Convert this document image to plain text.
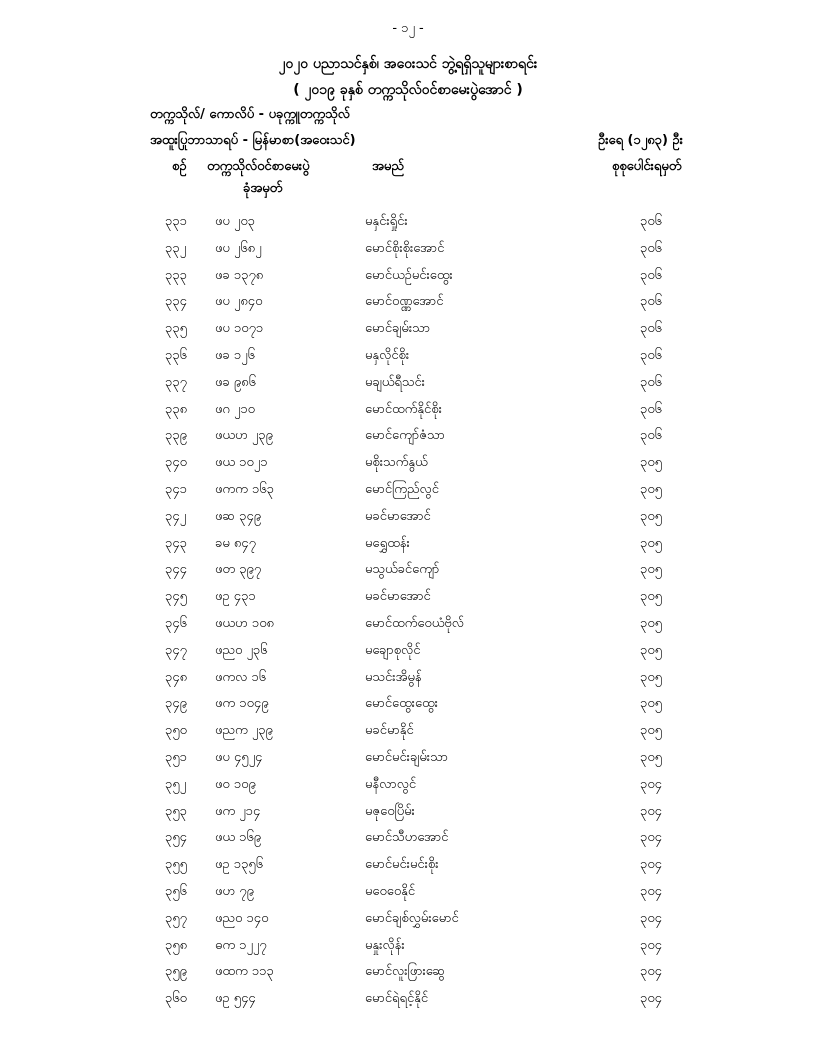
- ၁၂ -
၂၀၂၀ ပညာသင်နှစ်၊ အဝေးသင် ဘွဲ့ရရှိသူများစာရင်း
( ၂၀၁၉ ခုနှစ် တက္ကသိုလ်ဝင်စာမေးပွဲအောင် )
တက္ကသိုလ်/ ကောလိပ် - ပခုက္ကူတက္ကသိုလ်
အထူးပြုဘာသာရပ် - မြန်မာစာ(အဝေးသင်)	ဦးရေ (၁၂၈၃) ဦး
စဉ် တက္ကသိုလ်ဝင်စာမေးပွဲ
ခုံအမှတ်
အမည်	စုစုပေါင်းရမှတ်
၃၃၁ ဖပ ၂၀၃	မနှင်းရှိုင်း	၃၀၆
၃၃၂ ဖပ ၂၆၈၂	မောင်စိုးစိုးအောင်	၃၀၆
၃၃၃ ဖခ ၁၃၇၈	မောင်ယဉ်မင်းထွေး	၃၀၆
၃၃၄ ဖပ ၂၈၄၀	မောင်ဝဏ္ဏအောင်	၃၀၆
၃၃၅ ဖပ ၁၀၇၁	မောင်ချမ်းသာ	၃၀၆
၃၃၆ ဖခ ၁၂၆	မနှလိုင်စိုး	၃၀၆
၃၃၇ ဖခ ၉၈၆	မချယ်ရီသင်း	၃၀၆
၃၃၈ ဖဂ ၂၁၀	မောင်ထက်နိုင်စိုး	၃၀၆
၃၃၉ ဖယဟ ၂၃၉	မောင်ကျော်ဇံသာ	၃၀၆
၃၄၀ ဖယ ၁၀၂၁	မစိုးသက်နွယ်	၃၀၅
၃၄၁ ဖကက ၁၆၃	မောင်ကြည်လွင်	၃၀၅
၃၄၂ ဖဆ ၃၄၉	မခင်မာအောင်	၃၀၅
၃၄၃ ခမ ၈၄၇	မရွှေထန်း	၃၀၅
၃၄၄ ဖတ ၃၉၇	မသွယ်ခင်ကျော်	၃၀၅
၃၄၅ ဖဥ ၄၃၁	မခင်မာအောင်	၃၀၅
၃၄၆ ဖယဟ ၁၀၈	မောင်ထက်ဝေယံဗိုလ်	၃၀၅
၃၄၇ ဖည၀ ၂၃၆	မချောစုလိုင်	၃၀၅
၃၄၈ ဖကလ ၁၆	မသင်းအိမွန်	၃၀၅
၃၄၉ ဖက ၁၀၄၉	မောင်ထွေးထွေး	၃၀၅
၃၅၀ ဖညက ၂၃၉	မခင်မာနိုင်	၃၀၅
၃၅၁ ဖပ ၄၅၂၄	မောင်မင်းချမ်းသာ	၃၀၅
၃၅၂ ဖ၀ ၁၀၉	မနီလာလွင်	၃၀၄
၃၅၃ ဖက ၂၁၄	မဇုဝေပြိမ်း	၃၀၄
၃၅၄ ဖယ ၁၆၉	မောင်သီဟအောင်	၃၀၄
၃၅၅ ဖဥ ၁၃၅၆	မောင်မင်းမင်းစိုး	၃၀၄
၃၅၆ ဖဟ ၇၉	မဝေဝေနိုင်	၃၀၄
၃၅၇ ဖည၀ ၁၄၀	မောင်ချစ်လွှမ်းမောင်	၃၀၄
၃၅၈ ဓက ၁၂၂၇	မနှုးလိုန်း	၃၀၄
၃၅၉ ဖထက ၁၁၃	မောင်လူးဖြားဆွေ	၃၀၄
၃၆၀ ဖဥ ၅၄၄	မောင်ရဲရင့်နိုင်	၃၀၄
